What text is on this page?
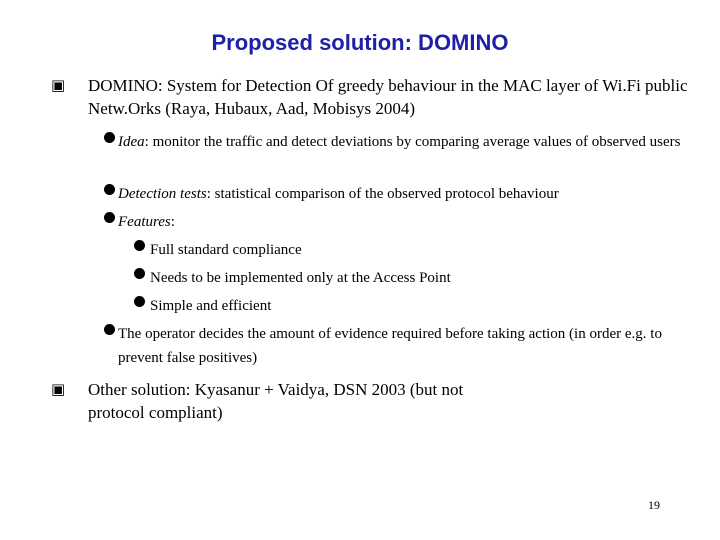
Proposed solution: DOMINO
▣ DOMINO: System for Detection Of greedy behaviour in the MAC layer of Wi.Fi public Netw.Orks (Raya, Hubaux, Aad, Mobisys 2004)
Idea: monitor the traffic and detect deviations by comparing average values of observed users
Detection tests: statistical comparison of the observed protocol behaviour
Features:
Full standard compliance
Needs to be implemented only at the Access Point
Simple and efficient
The operator decides the amount of evidence required before taking action (in order e.g. to prevent false positives)
▣ Other solution: Kyasanur + Vaidya, DSN 2003 (but not protocol compliant)
19
